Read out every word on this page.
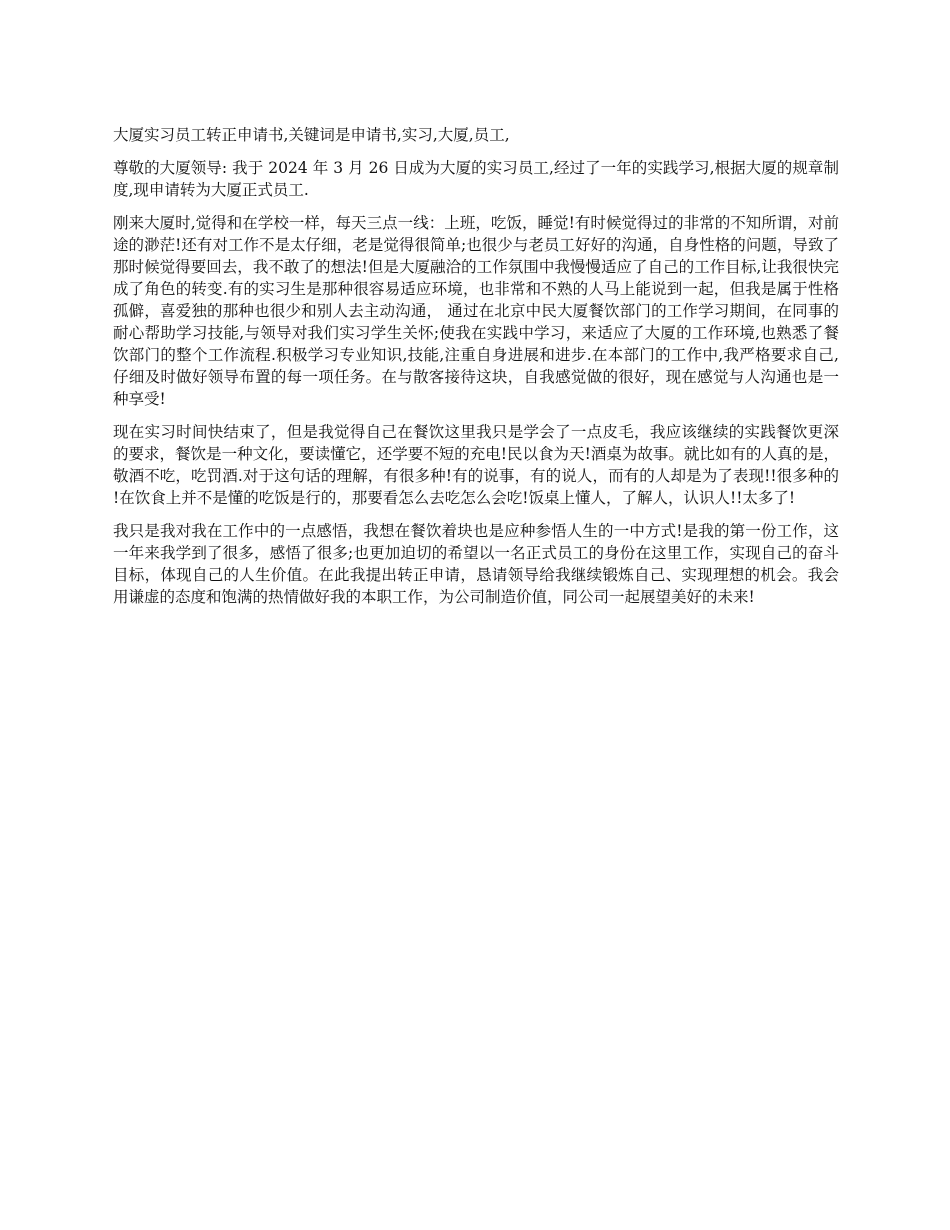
大厦实习员工转正申请书,关键词是申请书,实习,大厦,员工,

尊敬的大厦领导: 我于 2024 年 3 月 26 日成为大厦的实习员工,经过了一年的实践学习,根据大厦的规章制度,现申请转为大厦正式员工.

刚来大厦时,觉得和在学校一样，每天三点一线：上班，吃饭，睡觉!有时候觉得过的非常的不知所谓，对前途的渺茫!还有对工作不是太仔细，老是觉得很简单;也很少与老员工好好的沟通，自身性格的问题，导致了那时候觉得要回去，我不敢了的想法!但是大厦融洽的工作氛围中我慢慢适应了自己的工作目标,让我很快完成了角色的转变.有的实习生是那种很容易适应环境，也非常和不熟的人马上能说到一起，但我是属于性格孤僻，喜爱独的那种也很少和别人去主动沟通， 通过在北京中民大厦餐饮部门的工作学习期间，在同事的耐心帮助学习技能,与领导对我们实习学生关怀;使我在实践中学习，来适应了大厦的工作环境,也熟悉了餐饮部门的整个工作流程.积极学习专业知识,技能,注重自身进展和进步.在本部门的工作中,我严格要求自己,仔细及时做好领导布置的每一项任务。在与散客接待这块，自我感觉做的很好，现在感觉与人沟通也是一种享受!

现在实习时间快结束了，但是我觉得自己在餐饮这里我只是学会了一点皮毛，我应该继续的实践餐饮更深的要求，餐饮是一种文化，要读懂它，还学要不短的充电!民以食为天!酒桌为故事。就比如有的人真的是，敬酒不吃，吃罚酒.对于这句话的理解，有很多种!有的说事，有的说人，而有的人却是为了表现!!很多种的!在饮食上并不是懂的吃饭是行的，那要看怎么去吃怎么会吃!饭桌上懂人，了解人，认识人!!太多了!

我只是我对我在工作中的一点感悟，我想在餐饮着块也是应种参悟人生的一中方式!是我的第一份工作，这一年来我学到了很多，感悟了很多;也更加迫切的希望以一名正式员工的身份在这里工作，实现自己的奋斗目标，体现自己的人生价值。在此我提出转正申请，恳请领导给我继续锻炼自己、实现理想的机会。我会用谦虚的态度和饱满的热情做好我的本职工作，为公司制造价值，同公司一起展望美好的未来!
